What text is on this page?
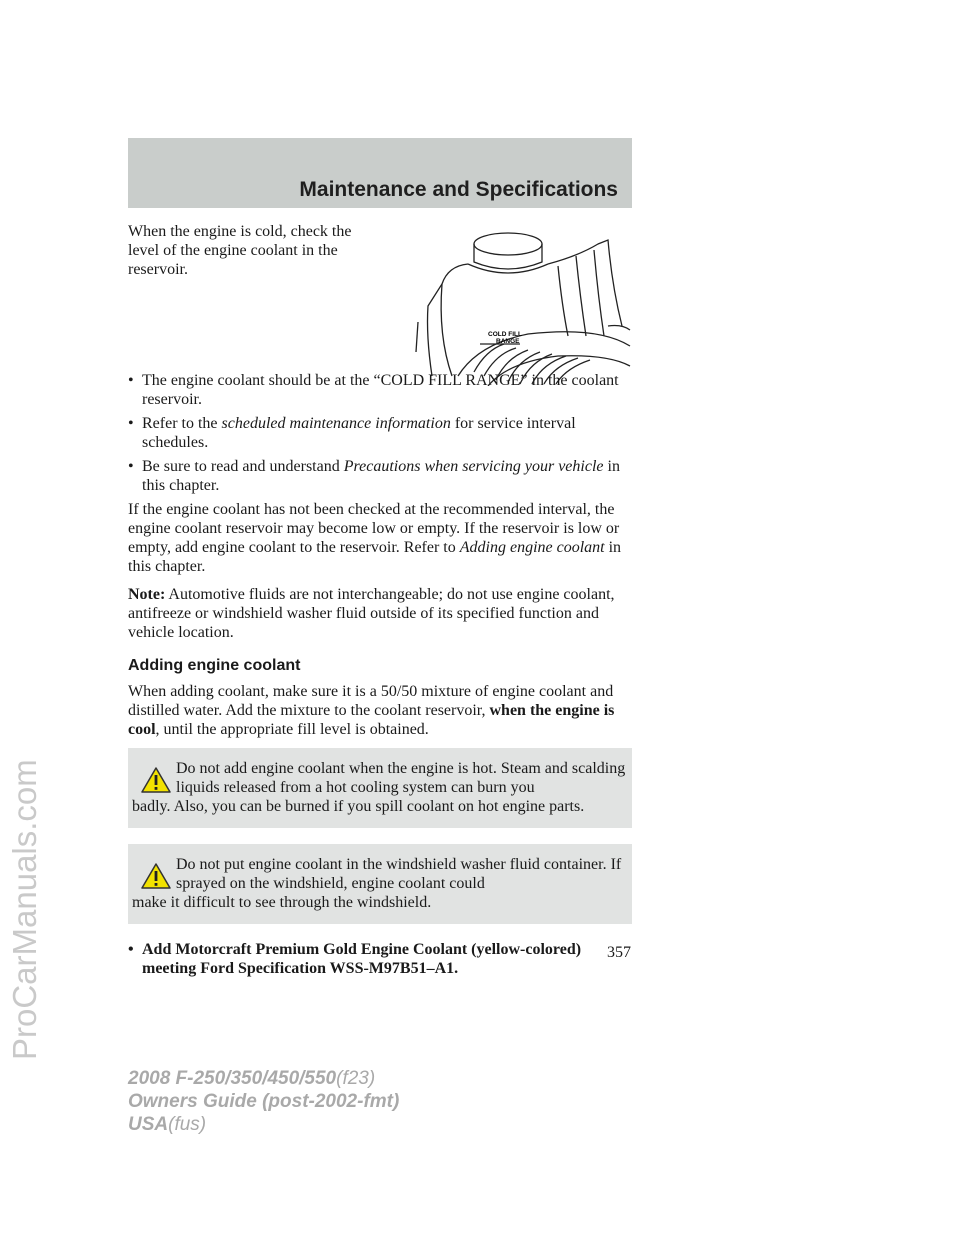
Maintenance and Specifications
ProCarManuals.com

When the engine is cold, check the level of the engine coolant in the reservoir.

COLD FILL
RANGE
• The engine coolant should be at the “COLD FILL RANGE” in the coolant reservoir.
• Refer to the scheduled maintenance information for service interval schedules.
• Be sure to read and understand Precautions when servicing your vehicle in this chapter.

If the engine coolant has not been checked at the recommended interval, the engine coolant reservoir may become low or empty. If the reservoir is low or empty, add engine coolant to the reservoir. Refer to Adding engine coolant in this chapter.

Note: Automotive fluids are not interchangeable; do not use engine coolant, antifreeze or windshield washer fluid outside of its specified function and vehicle location.

Adding engine coolant

When adding coolant, make sure it is a 50/50 mixture of engine coolant and distilled water. Add the mixture to the coolant reservoir, when the engine is cool, until the appropriate fill level is obtained.

Do not add engine coolant when the engine is hot. Steam and scalding liquids released from a hot cooling system can burn you
badly. Also, you can be burned if you spill coolant on hot engine parts.
Do not put engine coolant in the windshield washer fluid container. If sprayed on the windshield, engine coolant could
make it difficult to see through the windshield.
• Add Motorcraft Premium Gold Engine Coolant (yellow-colored) meeting Ford Specification WSS-M97B51–A1.
357
2008 F-250/350/450/550(f23)
Owners Guide (post-2002-fmt)
USA(fus)
